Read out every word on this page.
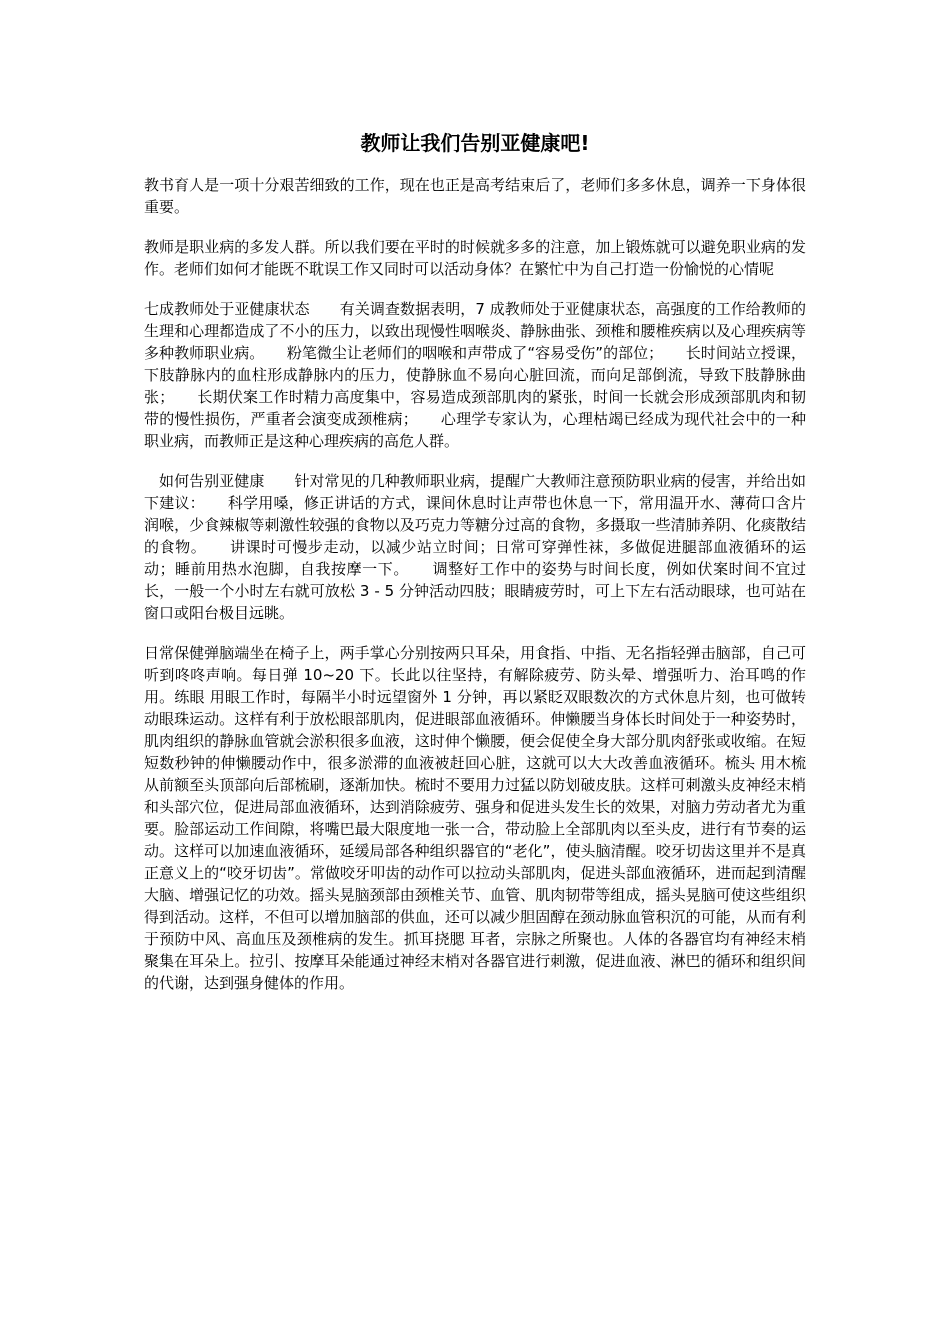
教师让我们告别亚健康吧!

教书育人是一项十分艰苦细致的工作，现在也正是高考结束后了，老师们多多休息，调养一下身体很重要。

教师是职业病的多发人群。所以我们要在平时的时候就多多的注意，加上锻炼就可以避免职业病的发作。老师们如何才能既不耽误工作又同时可以活动身体？在繁忙中为自己打造一份愉悦的心情呢

七成教师处于亚健康状态　　有关调查数据表明，7 成教师处于亚健康状态，高强度的工作给教师的生理和心理都造成了不小的压力，以致出现慢性咽喉炎、静脉曲张、颈椎和腰椎疾病以及心理疾病等多种教师职业病。　　粉笔微尘让老师们的咽喉和声带成了“容易受伤”的部位；　　长时间站立授课，下肢静脉内的血柱形成静脉内的压力，使静脉血不易向心脏回流，而向足部倒流，导致下肢静脉曲张；　　长期伏案工作时精力高度集中，容易造成颈部肌肉的紧张，时间一长就会形成颈部肌肉和韧带的慢性损伤，严重者会演变成颈椎病；　　心理学专家认为，心理枯竭已经成为现代社会中的一种职业病，而教师正是这种心理疾病的高危人群。

　如何告别亚健康　　针对常见的几种教师职业病，提醒广大教师注意预防职业病的侵害，并给出如下建议：　　科学用嗓，修正讲话的方式，课间休息时让声带也休息一下，常用温开水、薄荷口含片润喉，少食辣椒等刺激性较强的食物以及巧克力等糖分过高的食物，多摄取一些清肺养阴、化痰散结的食物。　　讲课时可慢步走动，以减少站立时间；日常可穿弹性袜，多做促进腿部血液循环的运动；睡前用热水泡脚，自我按摩一下。　　调整好工作中的姿势与时间长度，例如伏案时间不宜过长，一般一个小时左右就可放松 3 - 5 分钟活动四肢；眼睛疲劳时，可上下左右活动眼球，也可站在窗口或阳台极目远眺。

日常保健弹脑端坐在椅子上，两手掌心分别按两只耳朵，用食指、中指、无名指轻弹击脑部，自己可听到咚咚声响。每日弹 10~20 下。长此以往坚持，有解除疲劳、防头晕、增强听力、治耳鸣的作用。练眼 用眼工作时，每隔半小时远望窗外 1 分钟，再以紧眨双眼数次的方式休息片刻，也可做转动眼珠运动。这样有利于放松眼部肌肉，促进眼部血液循环。伸懒腰当身体长时间处于一种姿势时，肌肉组织的静脉血管就会淤积很多血液，这时伸个懒腰，便会促使全身大部分肌肉舒张或收缩。在短短数秒钟的伸懒腰动作中，很多淤滞的血液被赶回心脏，这就可以大大改善血液循环。梳头 用木梳从前额至头顶部向后部梳刷，逐渐加快。梳时不要用力过猛以防划破皮肤。这样可刺激头皮神经末梢和头部穴位，促进局部血液循环，达到消除疲劳、强身和促进头发生长的效果，对脑力劳动者尤为重要。脸部运动工作间隙，将嘴巴最大限度地一张一合，带动脸上全部肌肉以至头皮，进行有节奏的运动。这样可以加速血液循环，延缓局部各种组织器官的“老化”，使头脑清醒。咬牙切齿这里并不是真正意义上的“咬牙切齿”。常做咬牙叩齿的动作可以拉动头部肌肉，促进头部血液循环，进而起到清醒大脑、增强记忆的功效。摇头晃脑颈部由颈椎关节、血管、肌肉韧带等组成，摇头晃脑可使这些组织得到活动。这样，不但可以增加脑部的供血，还可以减少胆固醇在颈动脉血管积沉的可能，从而有利于预防中风、高血压及颈椎病的发生。抓耳挠腮 耳者，宗脉之所聚也。人体的各器官均有神经末梢聚集在耳朵上。拉引、按摩耳朵能通过神经末梢对各器官进行刺激，促进血液、淋巴的循环和组织间的代谢，达到强身健体的作用。
